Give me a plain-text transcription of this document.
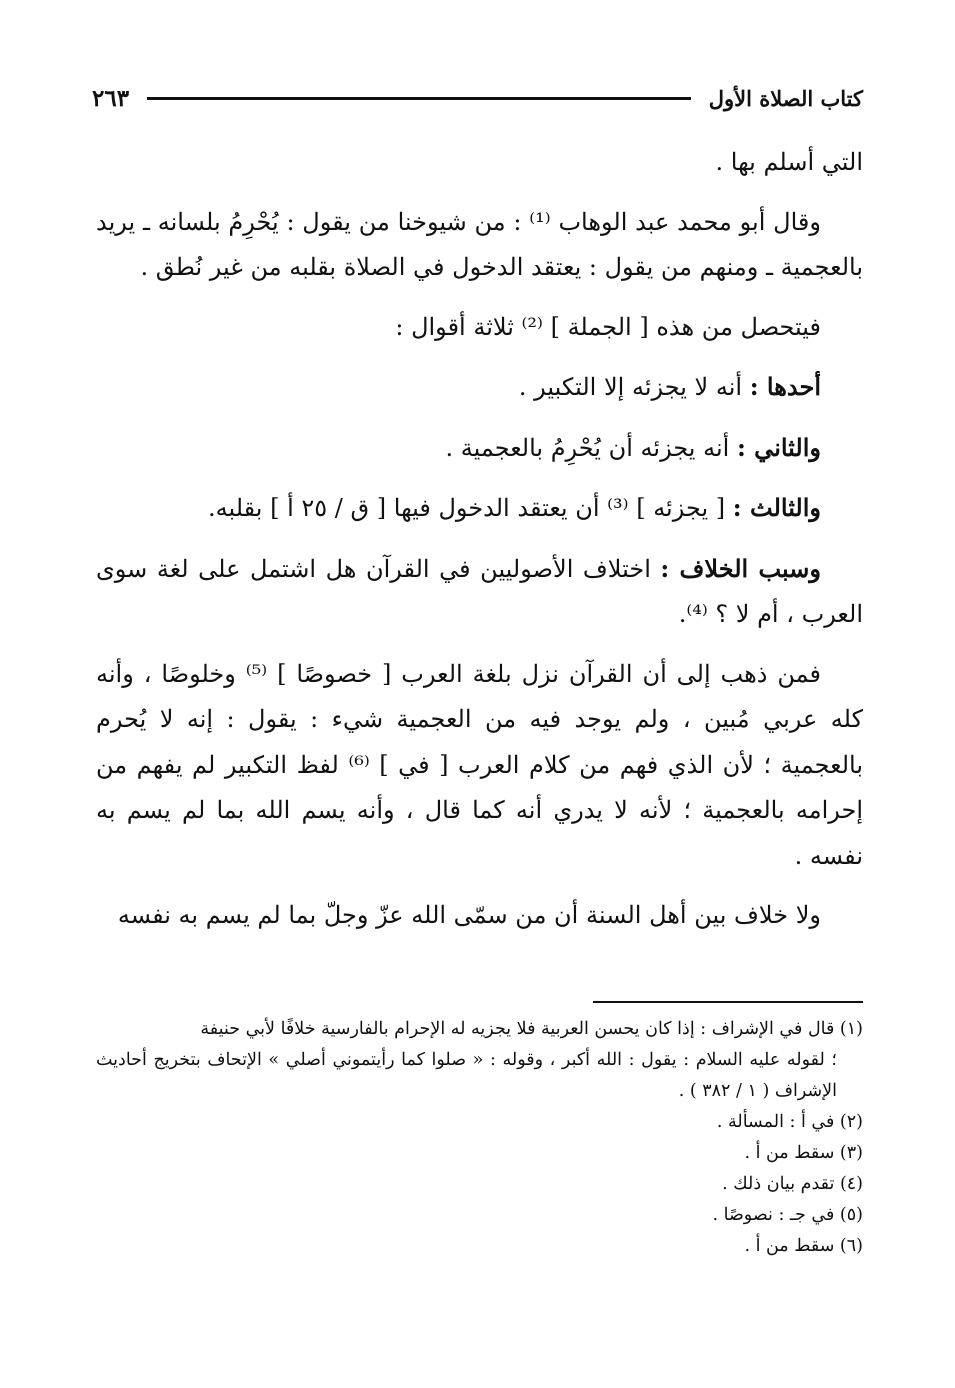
كتاب الصلاة الأول
٢٦٣

التي أسلم بها .

وقال أبو محمد عبد الوهاب ⁽¹⁾ : من شيوخنا من يقول : يُحْرِمُ بلسانه ـ يريد بالعجمية ـ ومنهم من يقول : يعتقد الدخول في الصلاة بقلبه من غير نُطق .

فيتحصل من هذه [ الجملة ] ⁽²⁾ ثلاثة أقوال :

أحدها : أنه لا يجزئه إلا التكبير .

والثاني : أنه يجزئه أن يُحْرِمُ بالعجمية .

والثالث : [ يجزئه ] ⁽³⁾ أن يعتقد الدخول فيها [ ق / ٢٥ أ ] بقلبه.

وسبب الخلاف : اختلاف الأصوليين في القرآن هل اشتمل على لغة سوى العرب ، أم لا ؟ ⁽⁴⁾.

فمن ذهب إلى أن القرآن نزل بلغة العرب [ خصوصًا ] ⁽⁵⁾ وخلوصًا ، وأنه كله عربي مُبين ، ولم يوجد فيه من العجمية شيء : يقول : إنه لا يُحرم بالعجمية ؛ لأن الذي فهم من كلام العرب [ في ] ⁽⁶⁾ لفظ التكبير لم يفهم من إحرامه بالعجمية ؛ لأنه لا يدري أنه كما قال ، وأنه يسم الله بما لم يسم به نفسه .

ولا خلاف بين أهل السنة أن من سمّى الله عزّ وجلّ بما لم يسم به نفسه

(١) قال في الإشراف : إذا كان يحسن العربية فلا يجزيه له الإحرام بالفارسية خلافًا لأبي حنيفة

؛ لقوله عليه السلام : يقول : الله أكبر ، وقوله : « صلوا كما رأيتموني أصلي » الإتحاف بتخريج أحاديث الإشراف ( ١ / ٣٨٢ ) .

(٢) في أ : المسألة .

(٣) سقط من أ .

(٤) تقدم بيان ذلك .

(٥) في جـ : نصوصًا .

(٦) سقط من أ .
